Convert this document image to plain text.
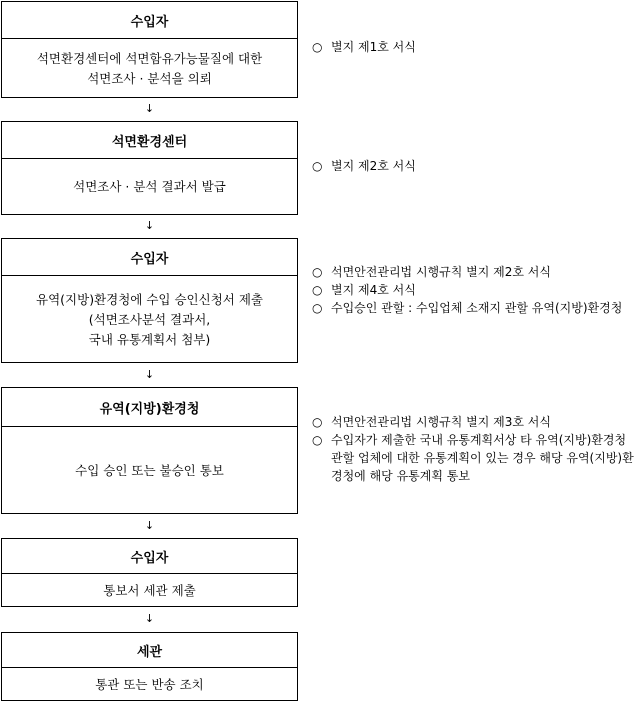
수입자
석면환경센터에 석면함유가능물질에 대한
석면조사 · 분석을 의뢰
↓
석면환경센터
석면조사 · 분석 결과서 발급
↓
수입자
유역(지방)환경청에 수입 승인신청서 제출
(석면조사분석 결과서,
국내 유통계획서 첨부)
↓
유역(지방)환경청
수입 승인 또는 불승인 통보
↓
수입자
통보서 세관 제출
↓
세관
통관 또는 반송 조치
○ 별지 제1호 서식
○ 별지 제2호 서식
○ 석면안전관리법 시행규칙 별지 제2호 서식
○ 별지 제4호 서식
○ 수입승인 관할 : 수입업체 소재지 관할 유역(지방)환경청
○ 석면안전관리법 시행규칙 별지 제3호 서식
○ 수입자가 제출한 국내 유통계획서상 타 유역(지방)환경청 관할 업체에 대한 유통계획이 있는 경우 해당 유역(지방)환경청에 해당 유통계획 통보
